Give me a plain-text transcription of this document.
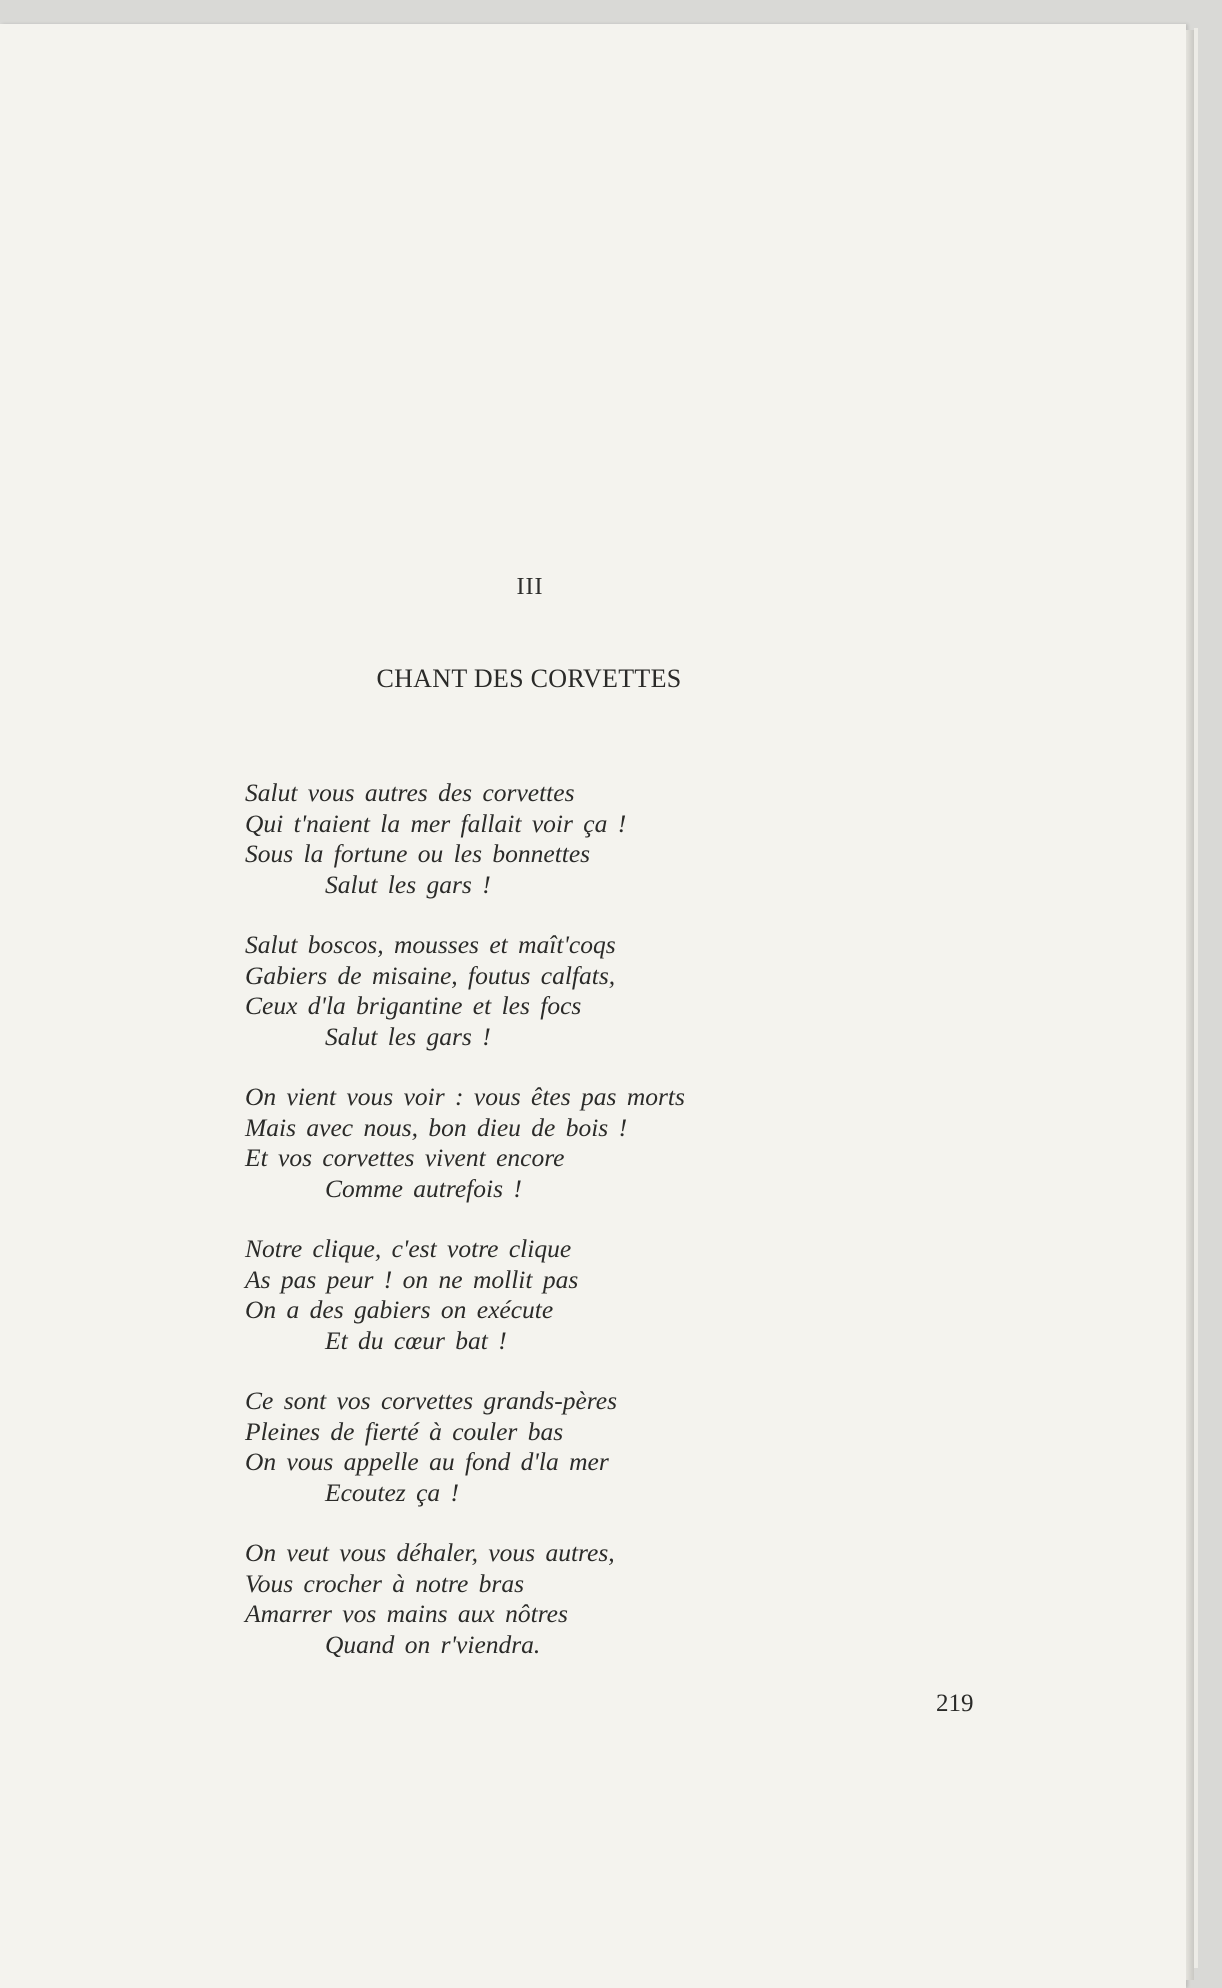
III
CHANT DES CORVETTES
Salut vous autres des corvettes
Qui t'naient la mer fallait voir ça !
Sous la fortune ou les bonnettes
Salut les gars !
Salut boscos, mousses et maît'coqs
Gabiers de misaine, foutus calfats,
Ceux d'la brigantine et les focs
Salut les gars !
On vient vous voir : vous êtes pas morts
Mais avec nous, bon dieu de bois !
Et vos corvettes vivent encore
Comme autrefois !
Notre clique, c'est votre clique
As pas peur ! on ne mollit pas
On a des gabiers on exécute
Et du cœur bat !
Ce sont vos corvettes grands-pères
Pleines de fierté à couler bas
On vous appelle au fond d'la mer
Ecoutez ça !
On veut vous déhaler, vous autres,
Vous crocher à notre bras
Amarrer vos mains aux nôtres
Quand on r'viendra.
219
